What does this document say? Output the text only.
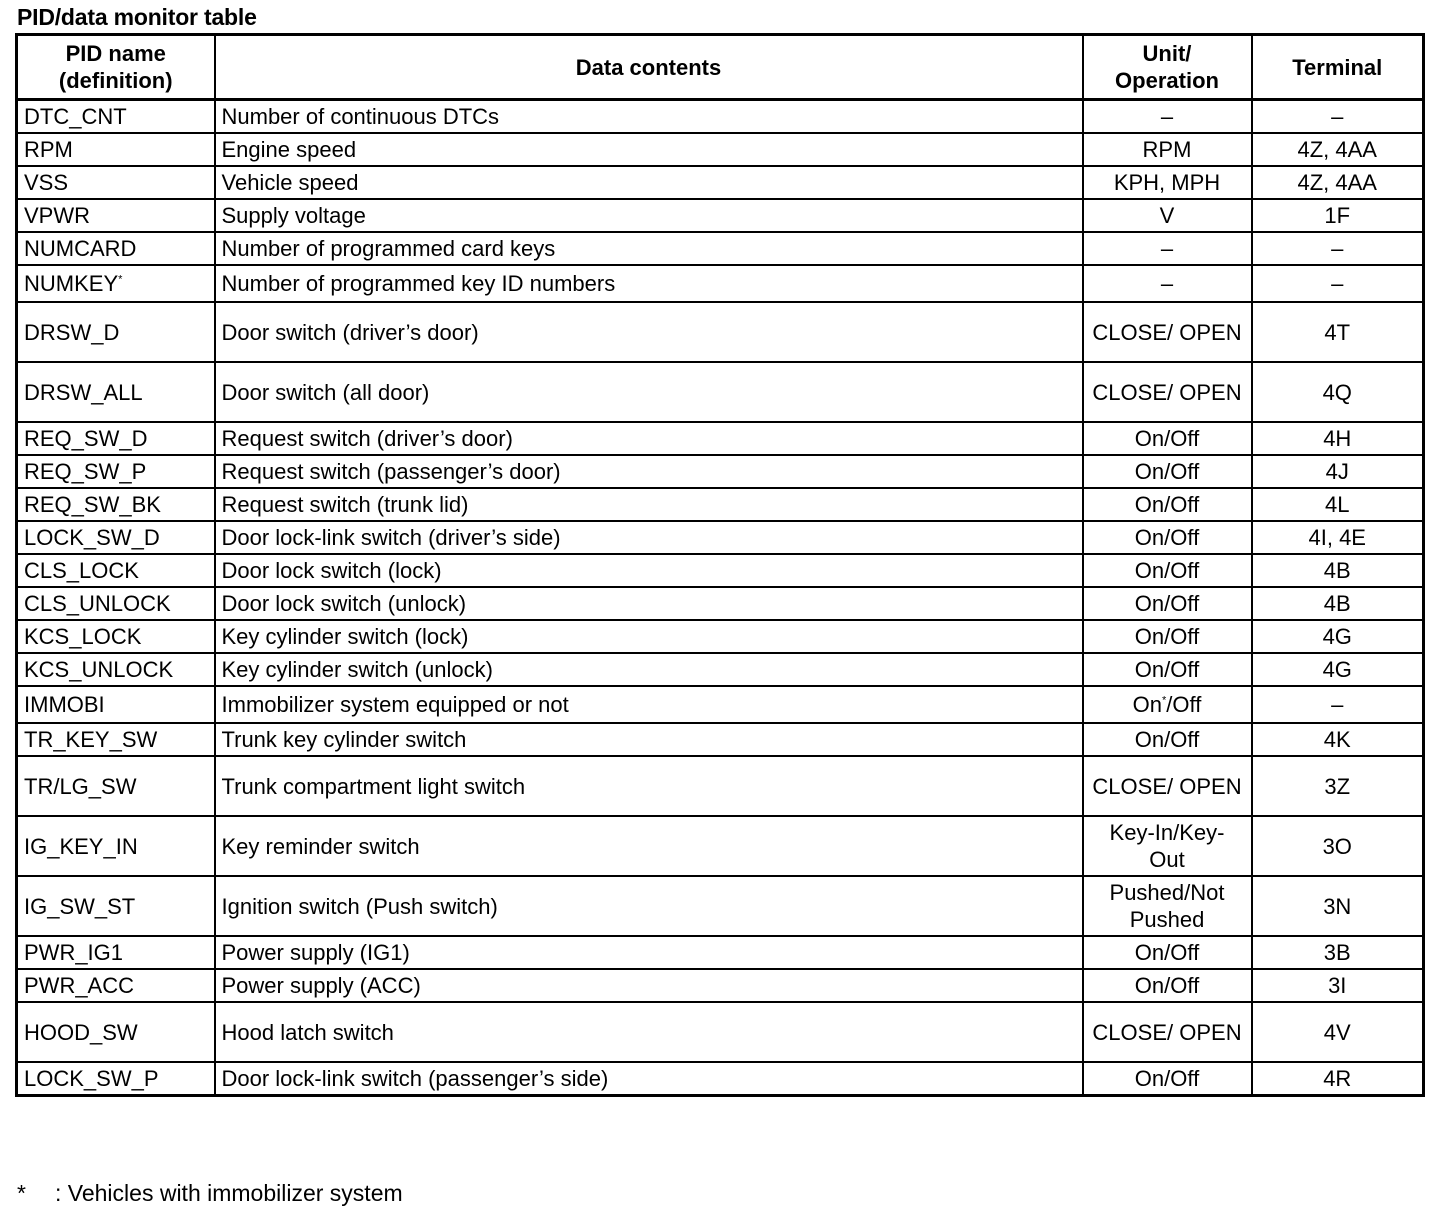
PID/data monitor table
PID name (definition)	Data contents	Unit/ Operation	Terminal
DTC_CNT	Number of continuous DTCs	–	–
RPM	Engine speed	RPM	4Z, 4AA
VSS	Vehicle speed	KPH, MPH	4Z, 4AA
VPWR	Supply voltage	V	1F
NUMCARD	Number of programmed card keys	–	–
NUMKEY*	Number of programmed key ID numbers	–	–
DRSW_D	Door switch (driver’s door)	CLOSE/ OPEN	4T
DRSW_ALL	Door switch (all door)	CLOSE/ OPEN	4Q
REQ_SW_D	Request switch (driver’s door)	On/Off	4H
REQ_SW_P	Request switch (passenger’s door)	On/Off	4J
REQ_SW_BK	Request switch (trunk lid)	On/Off	4L
LOCK_SW_D	Door lock-link switch (driver’s side)	On/Off	4I, 4E
CLS_LOCK	Door lock switch (lock)	On/Off	4B
CLS_UNLOCK	Door lock switch (unlock)	On/Off	4B
KCS_LOCK	Key cylinder switch (lock)	On/Off	4G
KCS_UNLOCK	Key cylinder switch (unlock)	On/Off	4G
IMMOBI	Immobilizer system equipped or not	On*/Off	–
TR_KEY_SW	Trunk key cylinder switch	On/Off	4K
TR/LG_SW	Trunk compartment light switch	CLOSE/ OPEN	3Z
IG_KEY_IN	Key reminder switch	Key-In/Key- Out	3O
IG_SW_ST	Ignition switch (Push switch)	Pushed/Not Pushed	3N
PWR_IG1	Power supply (IG1)	On/Off	3B
PWR_ACC	Power supply (ACC)	On/Off	3I
HOOD_SW	Hood latch switch	CLOSE/ OPEN	4V
LOCK_SW_P	Door lock-link switch (passenger’s side)	On/Off	4R
* : Vehicles with immobilizer system
